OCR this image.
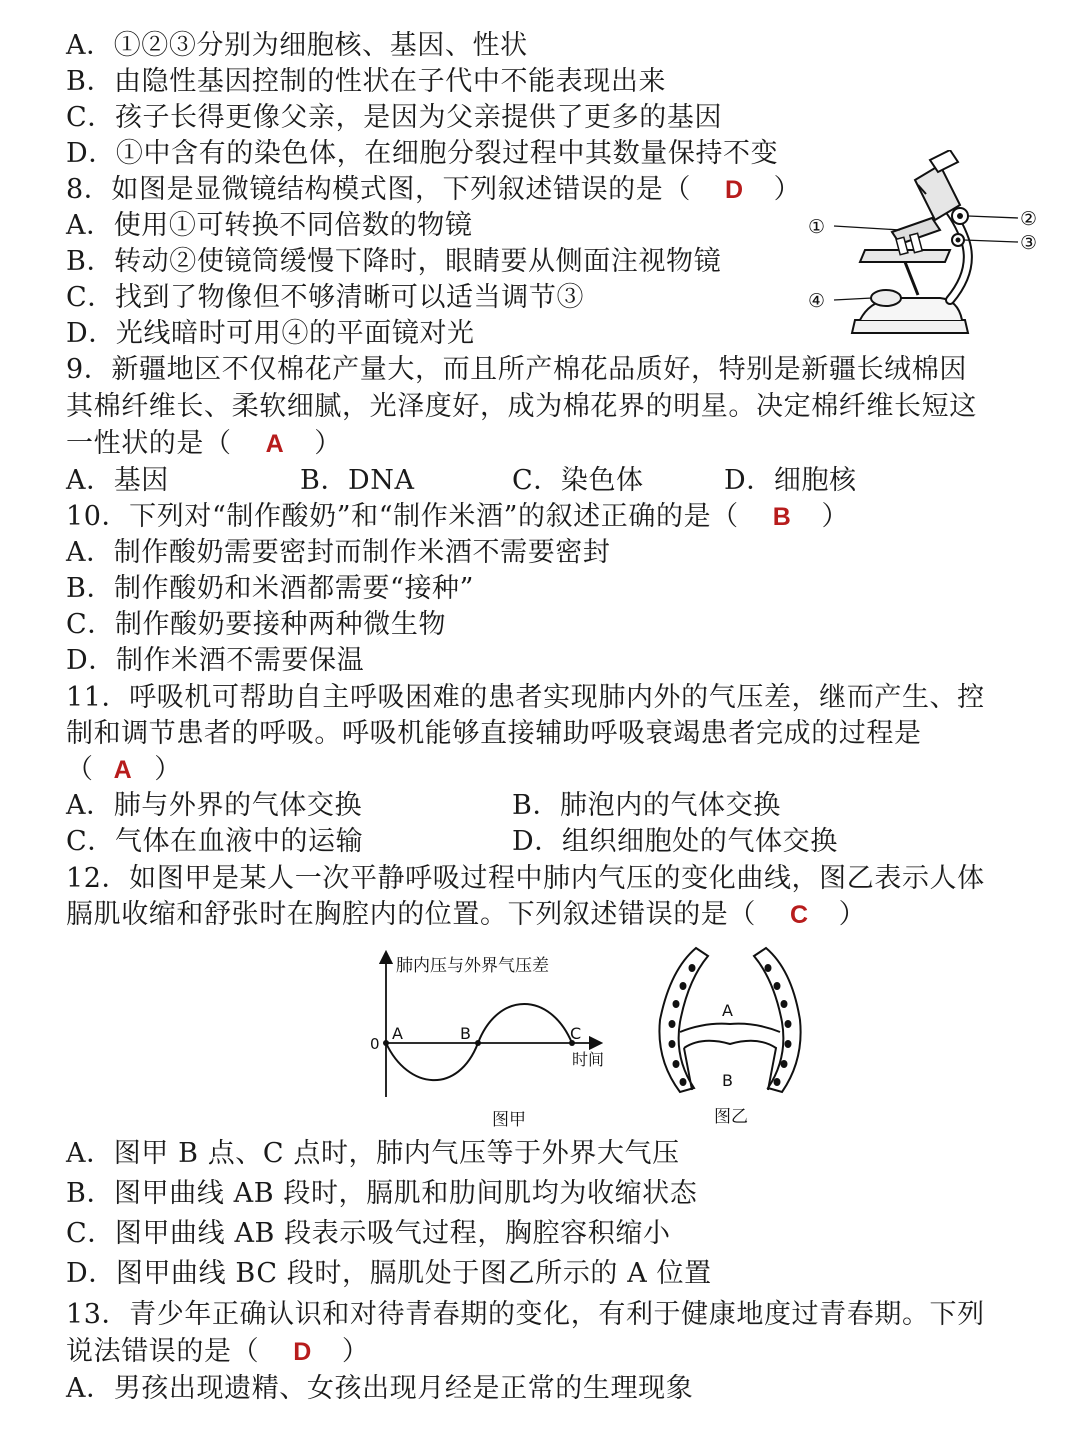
A．①②③分别为细胞核、基因、性状
B．由隐性基因控制的性状在子代中不能表现出来
C．孩子长得更像父亲，是因为父亲提供了更多的基因
D．①中含有的染色体，在细胞分裂过程中其数量保持不变
8．如图是显微镜结构模式图，下列叙述错误的是（ D ）
A．使用①可转换不同倍数的物镜
B．转动②使镜筒缓慢下降时，眼睛要从侧面注视物镜
C．找到了物像但不够清晰可以适当调节③
D．光线暗时可用④的平面镜对光
①	②
③
④
9．新疆地区不仅棉花产量大，而且所产棉花品质好，特别是新疆长绒棉因
其棉纤维长、柔软细腻，光泽度好，成为棉花界的明星。决定棉纤维长短这
一性状的是（ A ）
A．基因	B．DNA	C．染色体	D．细胞核
10．下列对“制作酸奶”和“制作米酒”的叙述正确的是（ B ）
A．制作酸奶需要密封而制作米酒不需要密封
B．制作酸奶和米酒都需要“接种”
C．制作酸奶要接种两种微生物
D．制作米酒不需要保温
11．呼吸机可帮助自主呼吸困难的患者实现肺内外的气压差，继而产生、控
制和调节患者的呼吸。呼吸机能够直接辅助呼吸衰竭患者完成的过程是
（ A ）
A．肺与外界的气体交换	B．肺泡内的气体交换
C．气体在血液中的运输	D．组织细胞处的气体交换
12．如图甲是某人一次平静呼吸过程中肺内气压的变化曲线，图乙表示人体
膈肌收缩和舒张时在胸腔内的位置。下列叙述错误的是（ C ）
肺内压与外界气压差
0
A	B	C
时间
图甲
A
B
图乙
A．图甲 B 点、C 点时，肺内气压等于外界大气压
B．图甲曲线 AB 段时，膈肌和肋间肌均为收缩状态
C．图甲曲线 AB 段表示吸气过程，胸腔容积缩小
D．图甲曲线 BC 段时，膈肌处于图乙所示的 A 位置
13．青少年正确认识和对待青春期的变化，有利于健康地度过青春期。下列
说法错误的是（ D ）
A．男孩出现遗精、女孩出现月经是正常的生理现象
